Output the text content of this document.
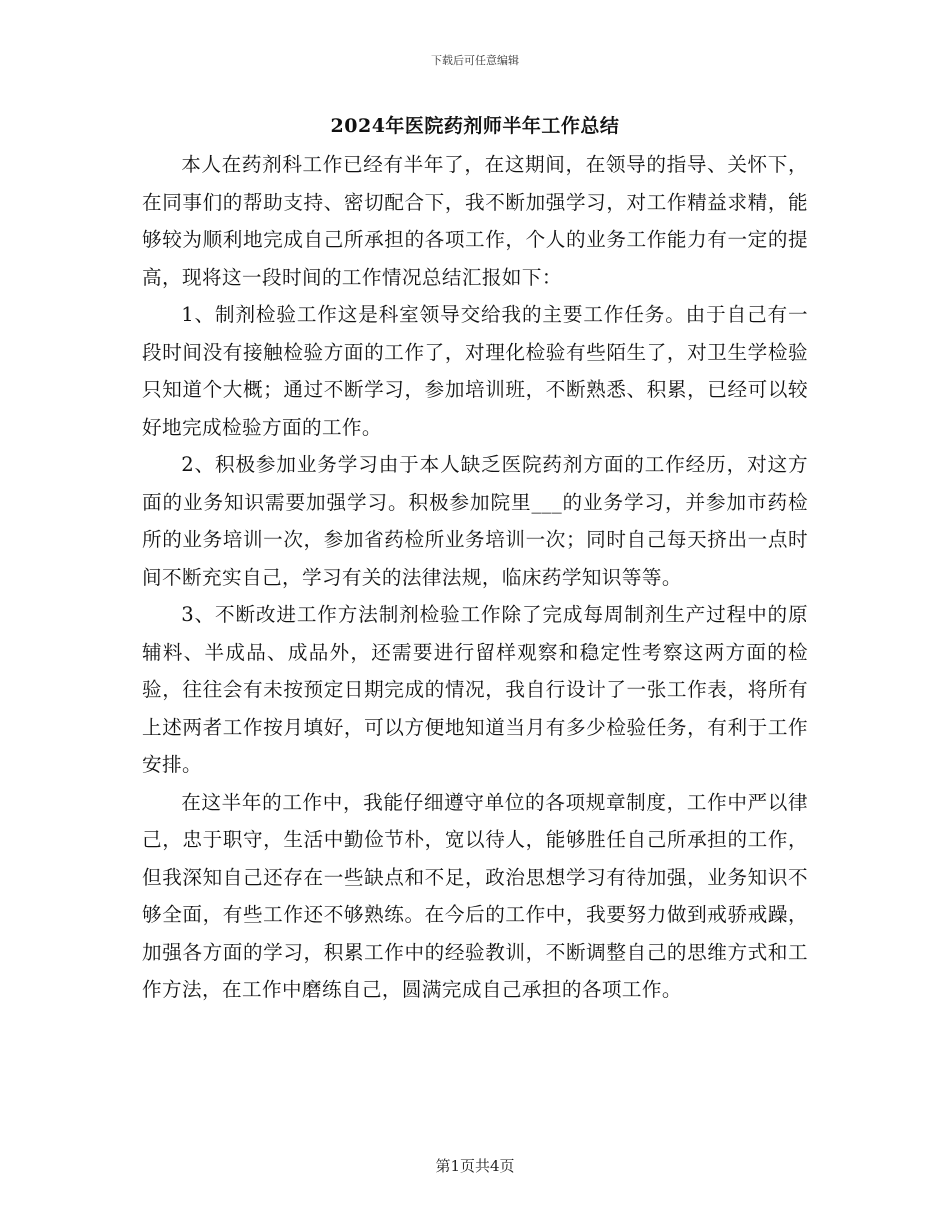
下载后可任意编辑
2024年医院药剂师半年工作总结

本人在药剂科工作已经有半年了，在这期间，在领导的指导、关怀下，在同事们的帮助支持、密切配合下，我不断加强学习，对工作精益求精，能够较为顺利地完成自己所承担的各项工作，个人的业务工作能力有一定的提高，现将这一段时间的工作情况总结汇报如下：

1、制剂检验工作这是科室领导交给我的主要工作任务。由于自己有一段时间没有接触检验方面的工作了，对理化检验有些陌生了，对卫生学检验只知道个大概；通过不断学习，参加培训班，不断熟悉、积累，已经可以较好地完成检验方面的工作。

2、积极参加业务学习由于本人缺乏医院药剂方面的工作经历，对这方面的业务知识需要加强学习。积极参加院里___的业务学习，并参加市药检所的业务培训一次，参加省药检所业务培训一次；同时自己每天挤出一点时间不断充实自己，学习有关的法律法规，临床药学知识等等。

3、不断改进工作方法制剂检验工作除了完成每周制剂生产过程中的原辅料、半成品、成品外，还需要进行留样观察和稳定性考察这两方面的检验，往往会有未按预定日期完成的情况，我自行设计了一张工作表，将所有上述两者工作按月填好，可以方便地知道当月有多少检验任务，有利于工作安排。

在这半年的工作中，我能仔细遵守单位的各项规章制度，工作中严以律己，忠于职守，生活中勤俭节朴，宽以待人，能够胜任自己所承担的工作，但我深知自己还存在一些缺点和不足，政治思想学习有待加强，业务知识不够全面，有些工作还不够熟练。在今后的工作中，我要努力做到戒骄戒躁，加强各方面的学习，积累工作中的经验教训，不断调整自己的思维方式和工作方法，在工作中磨练自己，圆满完成自己承担的各项工作。

第1页共4页
